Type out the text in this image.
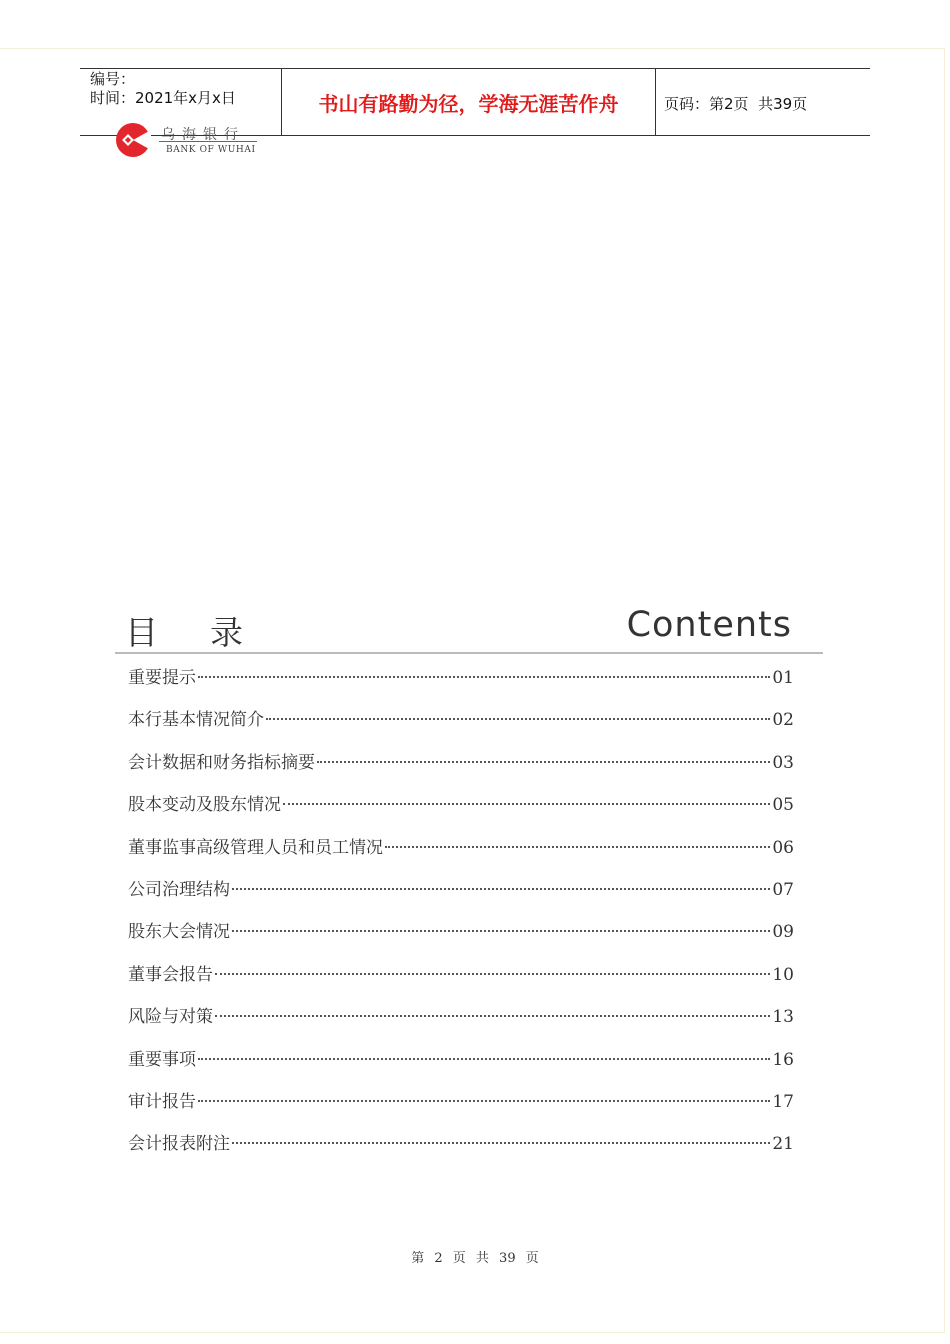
编号：
时间：2021年x月x日	书山有路勤为径，学海无涯苦作舟	页码：第2页  共39页
乌海银行
BANK OF WUHAI
目录	Contents
重要提示	01
本行基本情况简介	02
会计数据和财务指标摘要	03
股本变动及股东情况	05
董事监事高级管理人员和员工情况	06
公司治理结构	07
股东大会情况	09
董事会报告	10
风险与对策	13
重要事项	16
审计报告	17
会计报表附注	21
第 2 页 共 39 页
